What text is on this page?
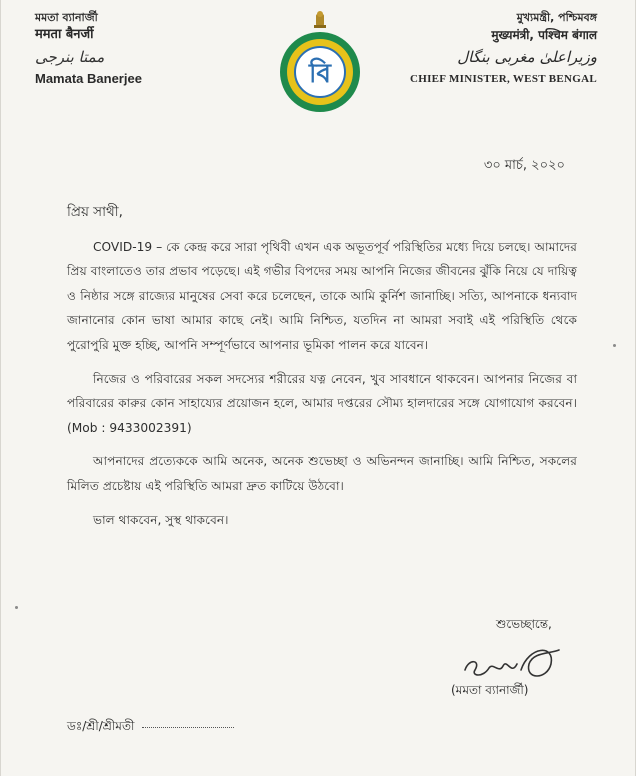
মমতা ব্যানার্জী
ममता बैनर्जी
ممتا بنرجی
Mamata Banerjee	বি
মুখ্যমন্ত্রী, পশ্চিমবঙ্গ
मुख्यमंत्री, पश्चिम बंगाल
وزیراعلیٰ مغربی بنگال
CHIEF MINISTER, WEST BENGAL
৩০ মার্চ, ২০২০
প্রিয় সাথী,

COVID-19 – কে কেন্দ্র করে সারা পৃথিবী এখন এক অভূতপূর্ব পরিস্থিতির মধ্যে দিয়ে চলছে। আমাদের প্রিয় বাংলাতেও তার প্রভাব পড়েছে। এই গভীর বিপদের সময় আপনি নিজের জীবনের ঝুঁকি নিয়ে যে দায়িত্ব ও নিষ্ঠার সঙ্গে রাজ্যের মানুষের সেবা করে চলেছেন, তাকে আমি কুর্নিশ জানাচ্ছি। সত্যি, আপনাকে ধন্যবাদ জানানোর কোন ভাষা আমার কাছে নেই। আমি নিশ্চিত, যতদিন না আমরা সবাই এই পরিস্থিতি থেকে পুরোপুরি মুক্ত হচ্ছি, আপনি সম্পূর্ণভাবে আপনার ভূমিকা পালন করে যাবেন।

নিজের ও পরিবারের সকল সদস্যের শরীরের যত্ন নেবেন, খুব সাবধানে থাকবেন। আপনার নিজের বা পরিবারের কারুর কোন সাহায্যের প্রয়োজন হলে, আমার দপ্তরের সৌম্য হালদারের সঙ্গে যোগাযোগ করবেন। (Mob : 9433002391)

আপনাদের প্রত্যেককে আমি অনেক, অনেক শুভেচ্ছা ও অভিনন্দন জানাচ্ছি। আমি নিশ্চিত, সকলের মিলিত প্রচেষ্টায় এই পরিস্থিতি আমরা দ্রুত কাটিয়ে উঠবো।

ভাল থাকবেন, সুস্থ থাকবেন।

শুভেচ্ছান্তে,
(মমতা ব্যানার্জী)
ডঃ/শ্রী/শ্রীমতী
